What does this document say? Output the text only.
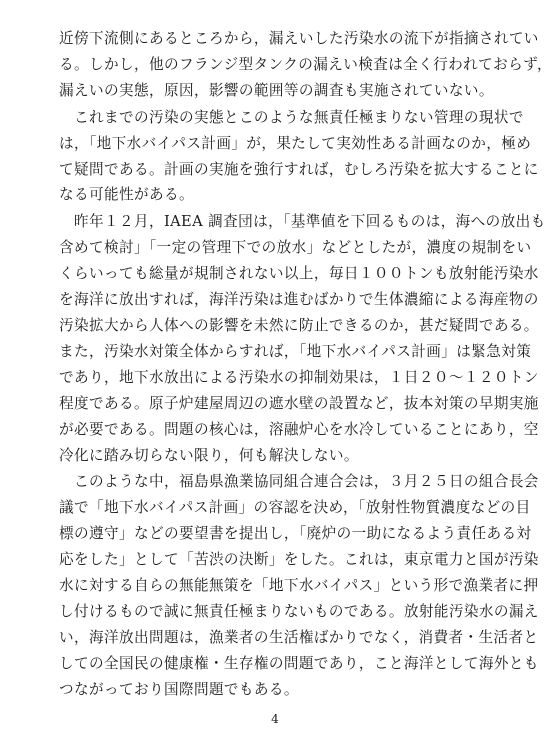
近傍下流側にあるところから，漏えいした汚染水の流下が指摘されてい
る。しかし，他のフランジ型タンクの漏えい検査は全く行われておらず，
漏えいの実態，原因，影響の範囲等の調査も実施されていない。

　これまでの汚染の実態とこのような無責任極まりない管理の現状で
は，「地下水バイパス計画」が，果たして実効性ある計画なのか，極め
て疑問である。計画の実施を強行すれば，むしろ汚染を拡大することに
なる可能性がある。

　昨年１２月，IAEA 調査団は，「基準値を下回るものは，海への放出も
含めて検討」「一定の管理下での放水」などとしたが，濃度の規制をい
くらいっても総量が規制されない以上，毎日１００トンも放射能汚染水
を海洋に放出すれば，海洋汚染は進むばかりで生体濃縮による海産物の
汚染拡大から人体への影響を未然に防止できるのか，甚だ疑問である。
また，汚染水対策全体からすれば，「地下水バイパス計画」は緊急対策
であり，地下水放出による汚染水の抑制効果は，１日２０～１２０トン
程度である。原子炉建屋周辺の遮水壁の設置など，抜本対策の早期実施
が必要である。問題の核心は，溶融炉心を水冷していることにあり，空
冷化に踏み切らない限り，何も解決しない。

　このような中，福島県漁業協同組合連合会は，３月２５日の組合長会
議で「地下水バイパス計画」の容認を決め，「放射性物質濃度などの目
標の遵守」などの要望書を提出し，「廃炉の一助になるよう責任ある対
応をした」として「苦渋の決断」をした。これは，東京電力と国が汚染
水に対する自らの無能無策を「地下水バイパス」という形で漁業者に押
し付けるもので誠に無責任極まりないものである。放射能汚染水の漏え
い，海洋放出問題は，漁業者の生活権ばかりでなく，消費者・生活者と
しての全国民の健康権・生存権の問題であり，こと海洋として海外とも
つながっており国際問題でもある。

4
